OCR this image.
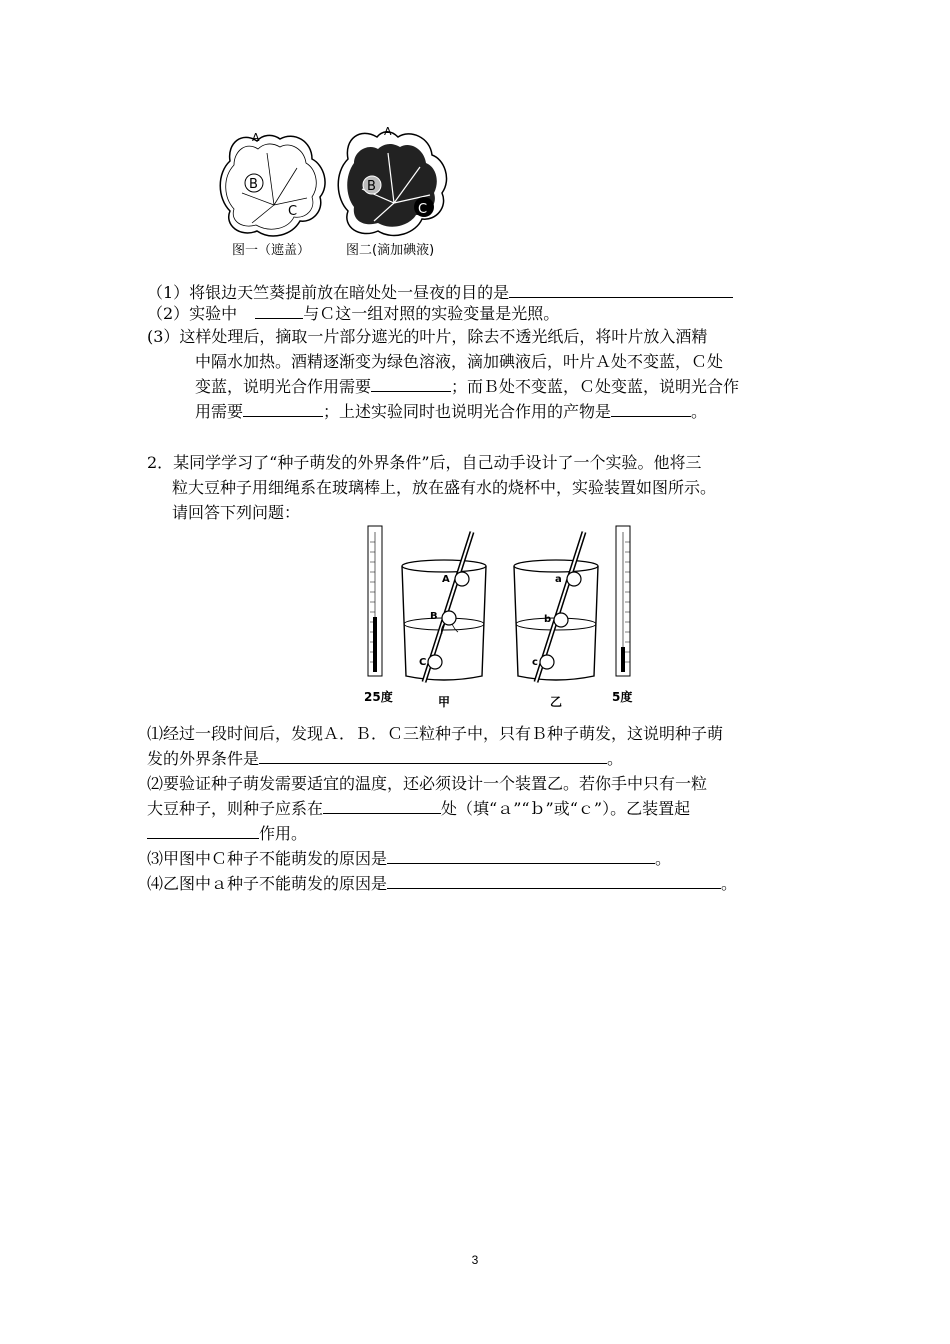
B
A
C
B
A
C
图一（遮盖）	图二(滴加碘液)
（1）将银边天竺葵提前放在暗处处一昼夜的目的是
（2）实验中	与Ｃ这一组对照的实验变量是光照。
(3）这样处理后，摘取一片部分遮光的叶片，除去不透光纸后，将叶片放入酒精
中隔水加热。酒精逐渐变为绿色溶液，滴加碘液后，叶片Ａ处不变蓝，Ｃ处
变蓝，说明光合作用需要	；而Ｂ处不变蓝，Ｃ处变蓝，说明光合作
用需要	；上述实验同时也说明光合作用的产物是	。
2．某同学学习了“种子萌发的外界条件”后，自己动手设计了一个实验。他将三
粒大豆种子用细绳系在玻璃棒上，放在盛有水的烧杯中，实验装置如图所示。
请回答下列问题：
25度
A
B
C
甲
a
b
c
乙	5度
⑴经过一段时间后，发现Ａ．Ｂ．Ｃ三粒种子中，只有Ｂ种子萌发，这说明种子萌
发的外界条件是	。
⑵要验证种子萌发需要适宜的温度，还必须设计一个装置乙。若你手中只有一粒
大豆种子，则种子应系在	处（填“ａ”“ｂ”或“ｃ”）。乙装置起
作用。
⑶甲图中Ｃ种子不能萌发的原因是	。
⑷乙图中ａ种子不能萌发的原因是	。
3
